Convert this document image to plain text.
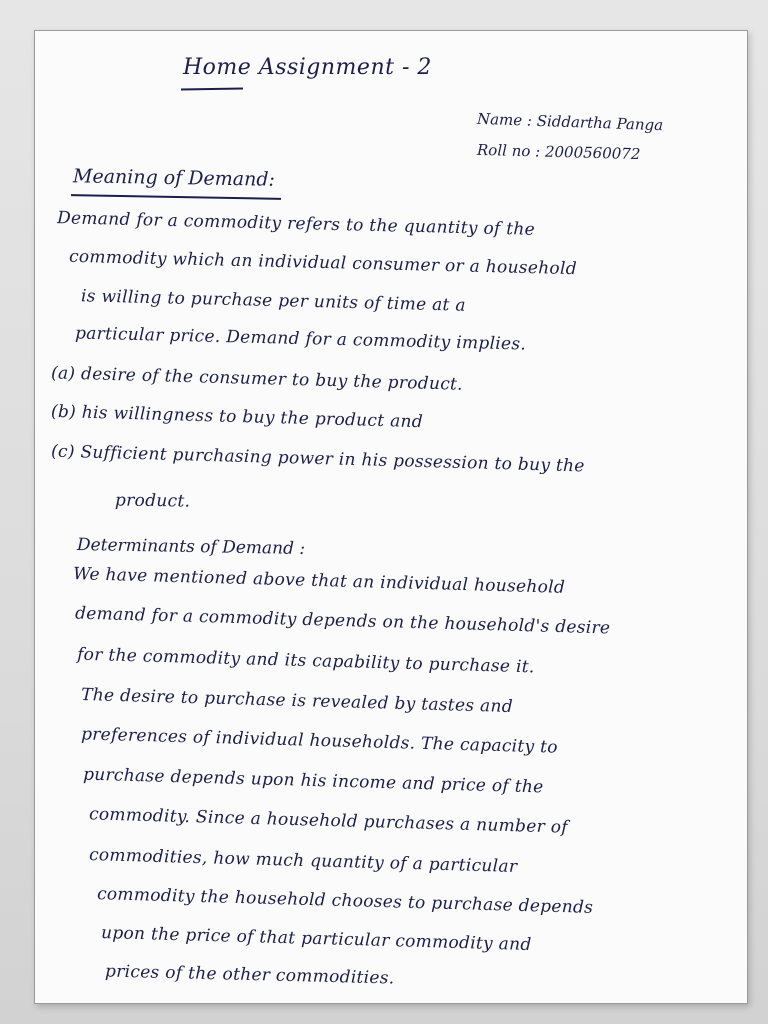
Home Assignment - 2

Name : Siddartha Panga

Roll no : 2000560072

Meaning of Demand:

Demand for a commodity refers to the quantity of the

commodity which an individual consumer or a household

is willing to purchase per units of time at a

particular price. Demand for a commodity implies.

(a) desire of the consumer to buy the product.

(b) his willingness to buy the product and

(c) Sufficient purchasing power in his possession to buy the

product.

Determinants of Demand :

We have mentioned above that an individual household

demand for a commodity depends on the household's desire

for the commodity and its capability to purchase it.

The desire to purchase is revealed by tastes and

preferences of individual households. The capacity to

purchase depends upon his income and price of the

commodity. Since a household purchases a number of

commodities, how much quantity of a particular

commodity the household chooses to purchase depends

upon the price of that particular commodity and

prices of the other commodities.
